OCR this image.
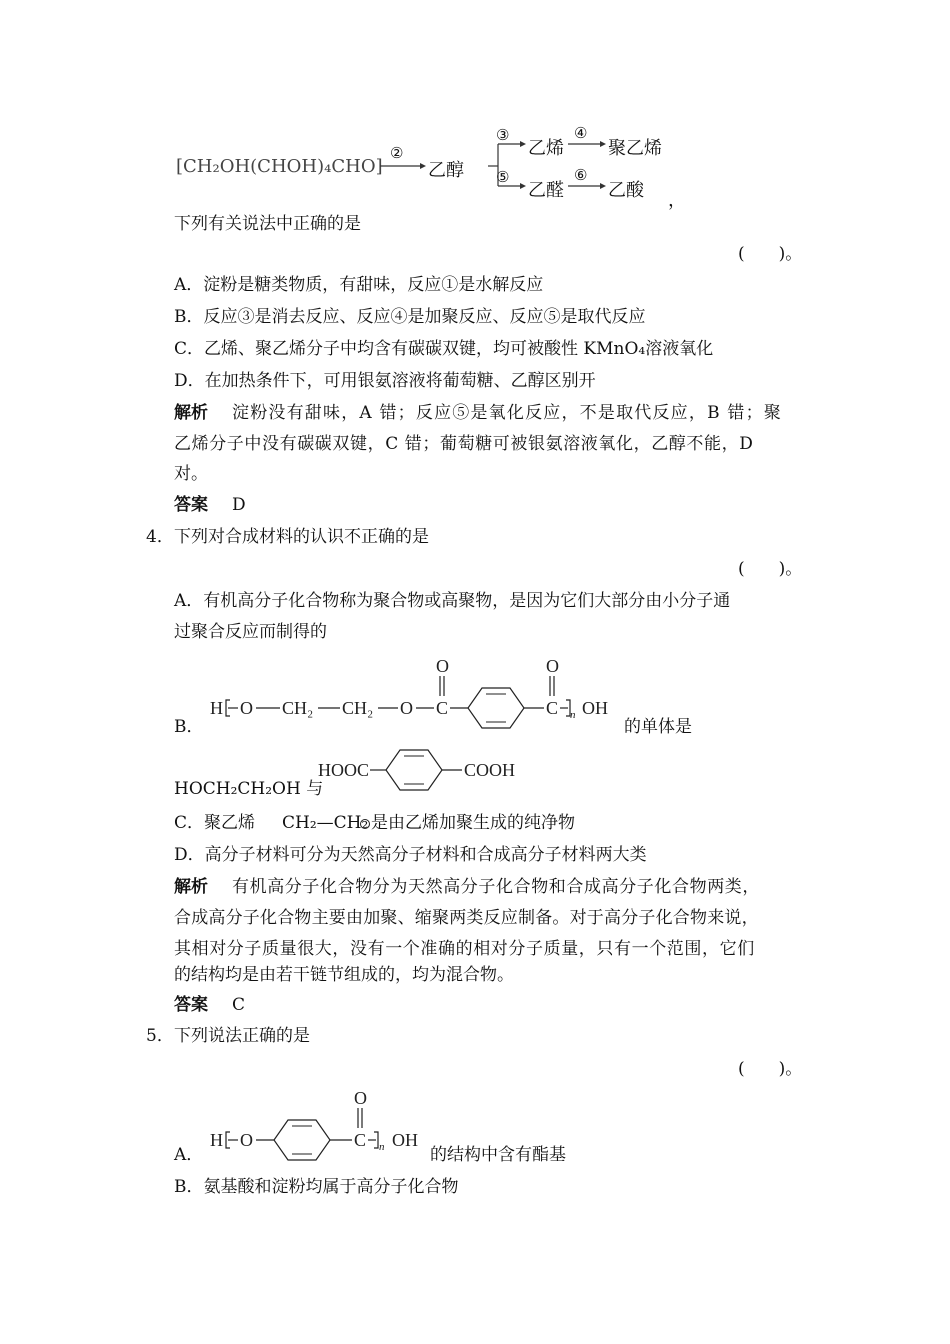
[CH₂OH(CHOH)₄CHO]
②
乙醇
③
乙烯
④
聚乙烯
⑤
乙醛
⑥
乙酸 ，
下列有关说法中正确的是
(　　)。
A．淀粉是糖类物质，有甜味，反应①是水解反应
B．反应③是消去反应、反应④是加聚反应、反应⑤是取代反应
C．乙烯、聚乙烯分子中均含有碳碳双键，均可被酸性 KMnO₄溶液氧化
D．在加热条件下，可用银氨溶液将葡萄糖、乙醇区别开
解析 淀粉没有甜味，A 错；反应⑤是氧化反应，不是取代反应，B 错；聚
乙烯分子中没有碳碳双键，C 错；葡萄糖可被银氨溶液氧化，乙醇不能，D
对。
答案 D
4． 下列对合成材料的认识不正确的是
(　　)。
A．有机高分子化合物称为聚合物或高聚物，是因为它们大部分由小分子通
过聚合反应而制得的
B．
H O CH₂ CH₂ O C
O
C
O
n OH
的单体是
HOCH₂CH₂OH 与
HOOC	COOH
C．聚乙烯 CH₂—CH₂ 是由乙烯加聚生成的纯净物
D．高分子材料可分为天然高分子材料和合成高分子材料两大类
解析 有机高分子化合物分为天然高分子化合物和合成高分子化合物两类，
合成高分子化合物主要由加聚、缩聚两类反应制备。对于高分子化合物来说，
其相对分子质量很大，没有一个准确的相对分子质量，只有一个范围，它们
的结构均是由若干链节组成的，均为混合物。
答案 C
5． 下列说法正确的是
(　　)。
A．
H O	C
O
n OH
的结构中含有酯基
B．氨基酸和淀粉均属于高分子化合物
